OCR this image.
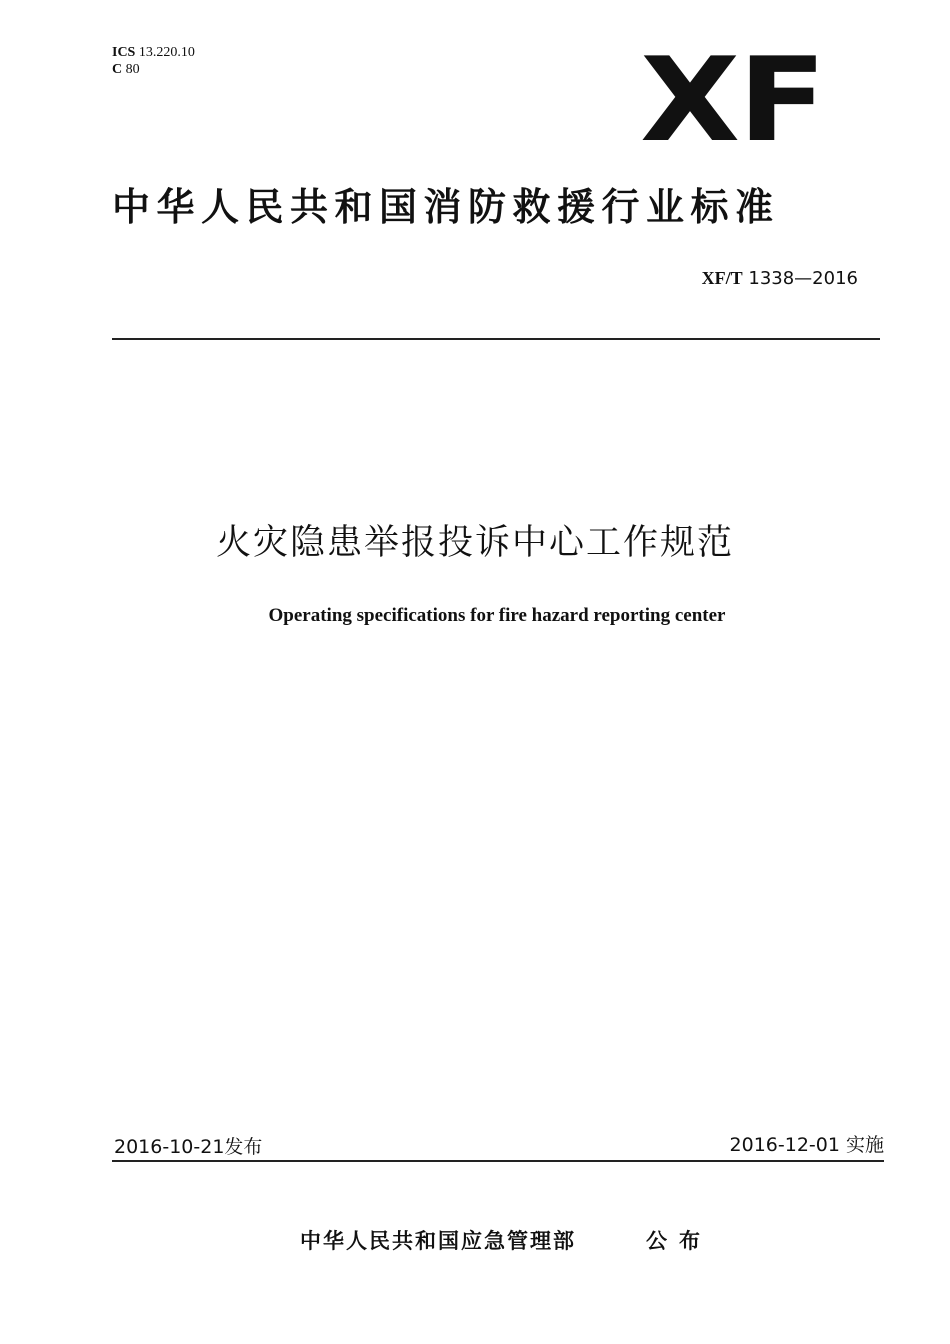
ICS 13.220.10
C 80	XF
中华人民共和国消防救援行业标准
XF/T 1338—2016
火灾隐患举报投诉中心工作规范
Operating specifications for fire hazard reporting center
2016-10-21发布	2016-12-01 实施
中华人民共和国应急管理部	公布
